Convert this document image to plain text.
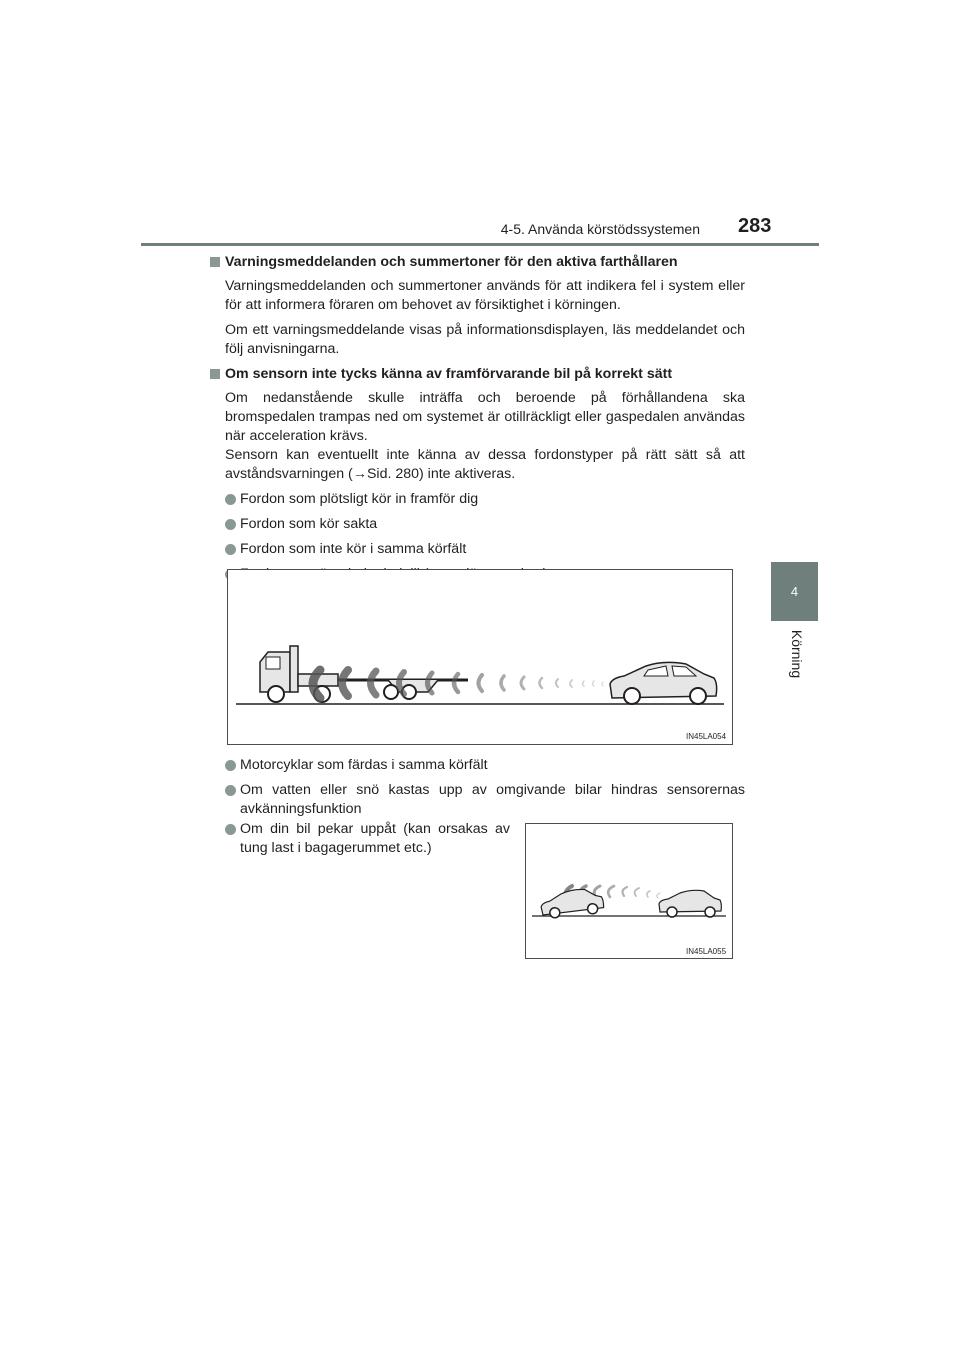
4-5. Använda körstödssystemen 283
4
Körning
Varningsmeddelanden och summertoner för den aktiva farthållaren
Varningsmeddelanden och summertoner används för att indikera fel i system eller för att informera föraren om behovet av försiktighet i körningen.
Om ett varningsmeddelande visas på informationsdisplayen, läs meddelandet och följ anvisningarna.
Om sensorn inte tycks känna av framförvarande bil på korrekt sätt
Om nedanstående skulle inträffa och beroende på förhållandena ska bromspedalen trampas ned om systemet är otillräckligt eller gaspedalen användas när acceleration krävs.
Sensorn kan eventuellt inte känna av dessa fordonstyper på rätt sätt så att avståndsvarningen (→Sid. 280) inte aktiveras.
Fordon som plötsligt kör in framför dig
Fordon som kör sakta
Fordon som inte kör i samma körfält
IN45LA054
Motorcyklar som färdas i samma körfält
Om vatten eller snö kastas upp av omgivande bilar hindras sensorernas avkänningsfunktion
Om din bil pekar uppåt (kan orsakas av tung last i bagagerummet etc.)
IN45LA055
